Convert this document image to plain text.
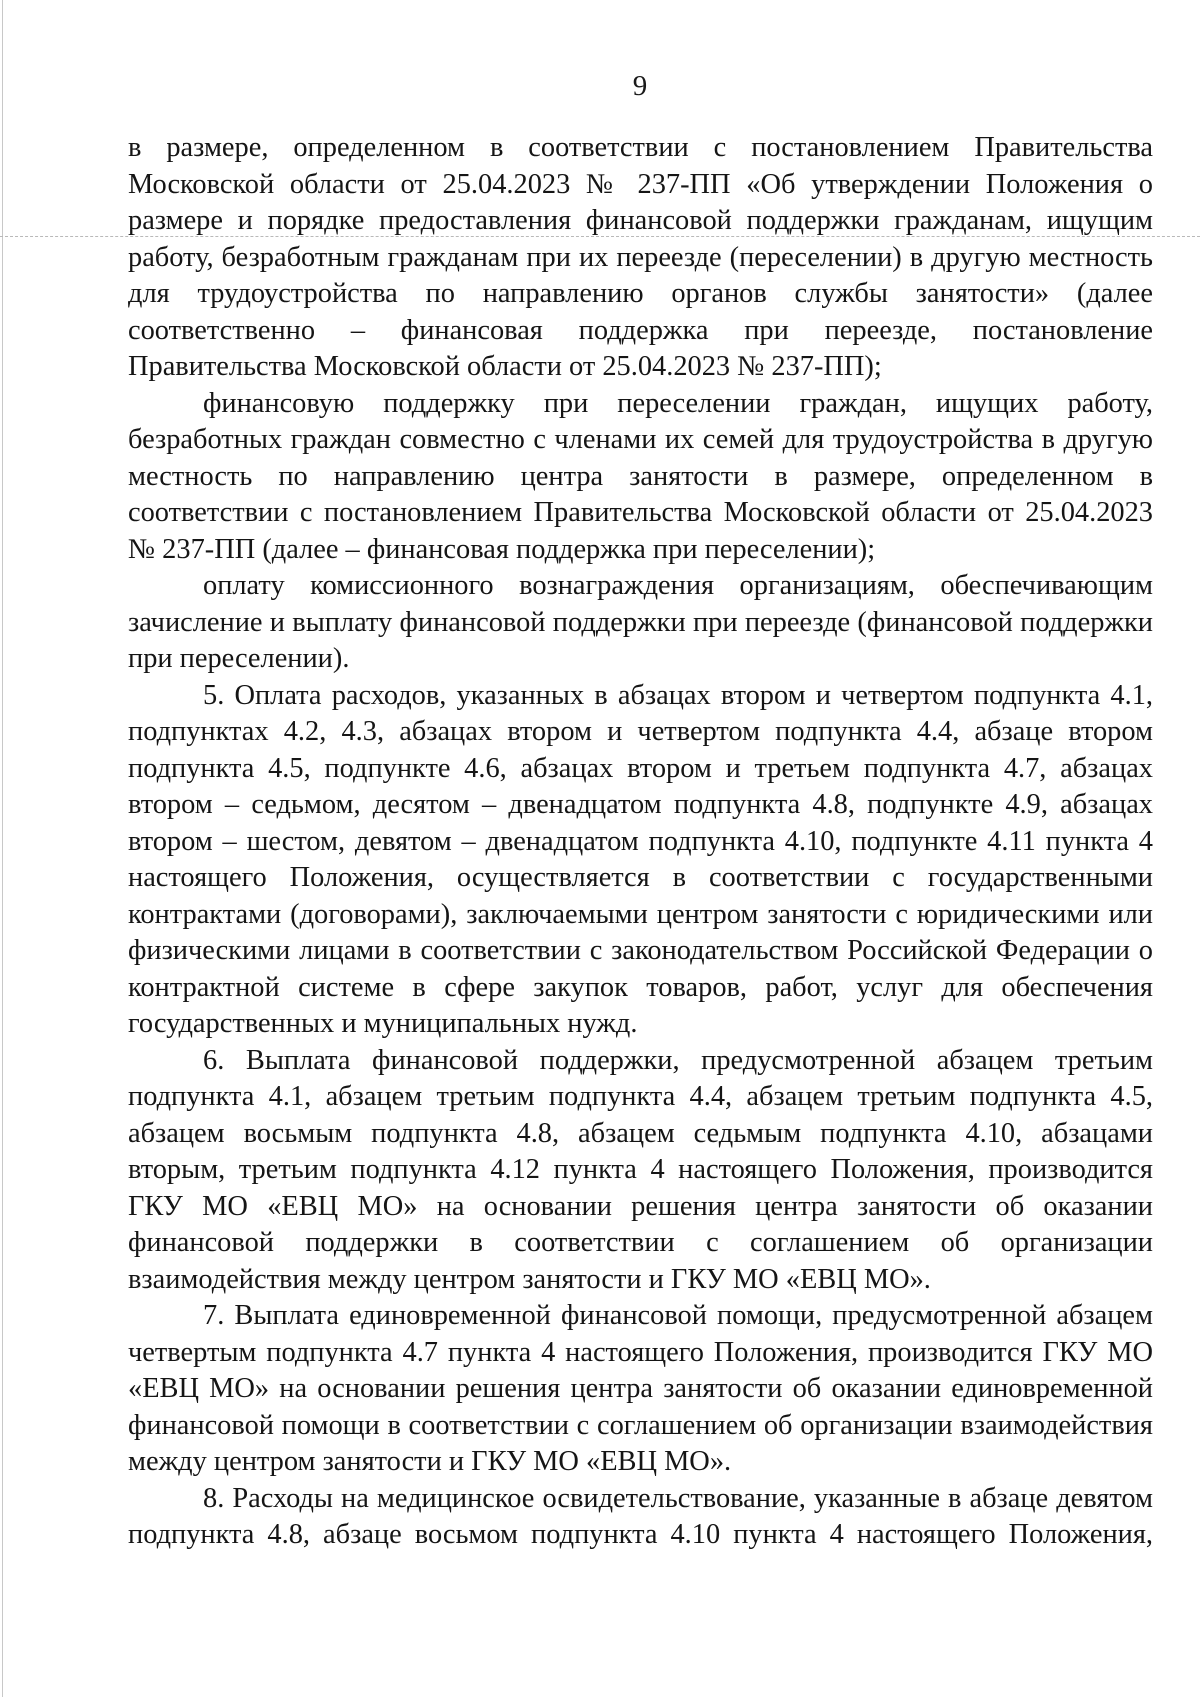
9

в размере, определенном в соответствии с постановлением Правительства Московской области от 25.04.2023 № 237-ПП «Об утверждении Положения о размере и порядке предоставления финансовой поддержки гражданам, ищущим работу, безработным гражданам при их переезде (переселении) в другую местность для трудоустройства по направлению органов службы занятости» (далее соответственно – финансовая поддержка при переезде, постановление Правительства Московской области от 25.04.2023 № 237-ПП);

финансовую поддержку при переселении граждан, ищущих работу, безработных граждан совместно с членами их семей для трудоустройства в другую местность по направлению центра занятости в размере, определенном в соответствии с постановлением Правительства Московской области от 25.04.2023 № 237-ПП (далее – финансовая поддержка при переселении);

оплату комиссионного вознаграждения организациям, обеспечивающим зачисление и выплату финансовой поддержки при переезде (финансовой поддержки при переселении).

5. Оплата расходов, указанных в абзацах втором и четвертом подпункта 4.1, подпунктах 4.2, 4.3, абзацах втором и четвертом подпункта 4.4, абзаце втором подпункта 4.5, подпункте 4.6, абзацах втором и третьем подпункта 4.7, абзацах втором – седьмом, десятом – двенадцатом подпункта 4.8, подпункте 4.9, абзацах втором – шестом, девятом – двенадцатом подпункта 4.10, подпункте 4.11 пункта 4 настоящего Положения, осуществляется в соответствии с государственными контрактами (договорами), заключаемыми центром занятости с юридическими или физическими лицами в соответствии с законодательством Российской Федерации о контрактной системе в сфере закупок товаров, работ, услуг для обеспечения государственных и муниципальных нужд.

6. Выплата финансовой поддержки, предусмотренной абзацем третьим подпункта 4.1, абзацем третьим подпункта 4.4, абзацем третьим подпункта 4.5, абзацем восьмым подпункта 4.8, абзацем седьмым подпункта 4.10, абзацами вторым, третьим подпункта 4.12 пункта 4 настоящего Положения, производится ГКУ МО «ЕВЦ МО» на основании решения центра занятости об оказании финансовой поддержки в соответствии с соглашением об организации взаимодействия между центром занятости и ГКУ МО «ЕВЦ МО».

7. Выплата единовременной финансовой помощи, предусмотренной абзацем четвертым подпункта 4.7 пункта 4 настоящего Положения, производится ГКУ МО «ЕВЦ МО» на основании решения центра занятости об оказании единовременной финансовой помощи в соответствии с соглашением об организации взаимодействия между центром занятости и ГКУ МО «ЕВЦ МО».

8. Расходы на медицинское освидетельствование, указанные в абзаце девятом подпункта 4.8, абзаце восьмом подпункта 4.10 пункта 4 настоящего Положения,
